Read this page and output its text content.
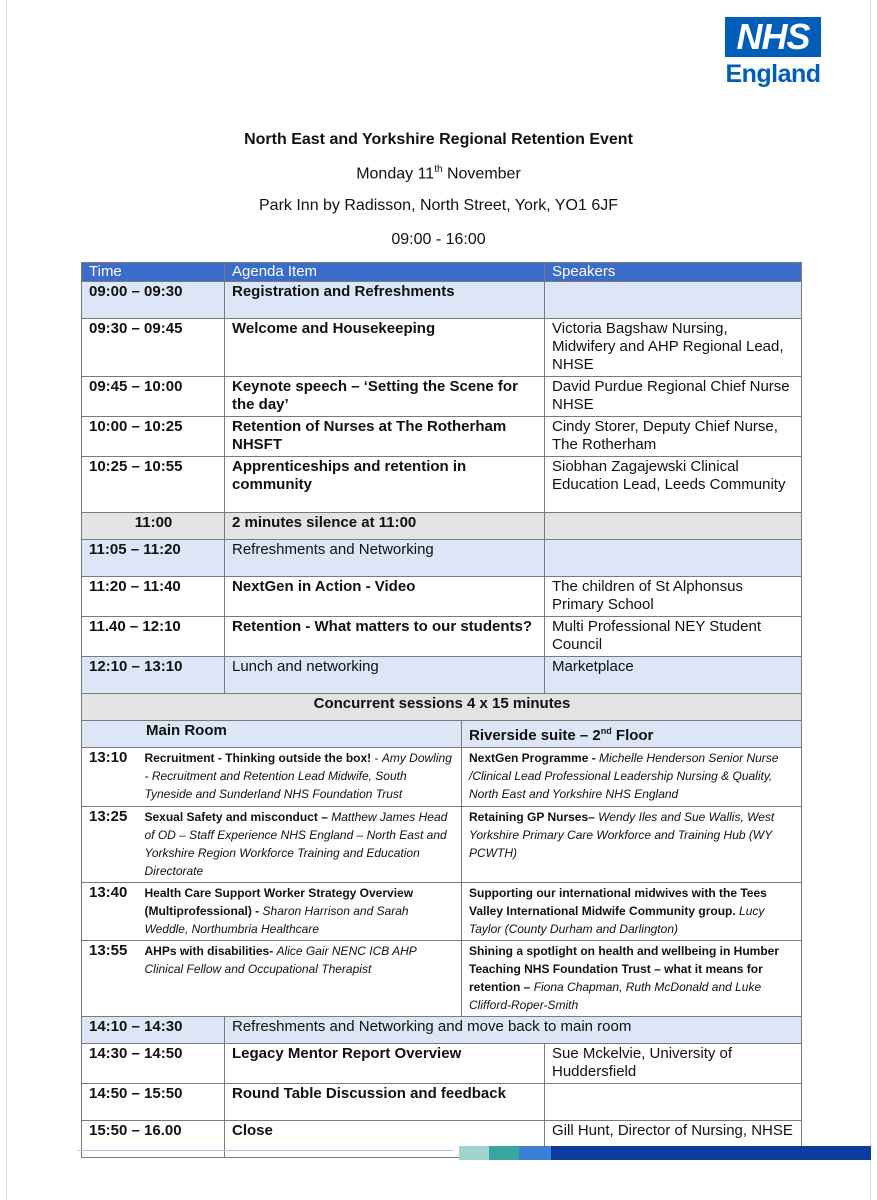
NHS
England
North East and Yorkshire Regional Retention Event
Monday 11th November
Park Inn by Radisson, North Street, York, YO1 6JF
09:00 - 16:00
Time	Agenda Item		Speakers
09:00 – 09:30	Registration and Refreshments		
09:30 – 09:45	Welcome and Housekeeping		Victoria Bagshaw Nursing, Midwifery and AHP Regional Lead, NHSE
09:45 – 10:00	Keynote speech – ‘Setting the Scene for the day’		David Purdue Regional Chief Nurse NHSE
10:00 – 10:25	Retention of Nurses at The Rotherham NHSFT		Cindy Storer, Deputy Chief Nurse, The Rotherham
10:25 – 10:55	Apprenticeships and retention in community		Siobhan Zagajewski Clinical Education Lead, Leeds Community
11:00	2 minutes silence at 11:00		
11:05 – 11:20	Refreshments and Networking		
11:20 – 11:40	NextGen in Action - Video		The children of St Alphonsus Primary School
11.40 – 12:10	Retention - What matters to our students?		Multi Professional NEY Student Council
12:10 – 13:10	Lunch and networking		Marketplace
Concurrent sessions 4 x 15 minutes			
Main Room		Riverside suite – 2nd Floor	
13:10	Recruitment - Thinking outside the box! - Amy Dowling - Recruitment and Retention Lead Midwife, South Tyneside and Sunderland NHS Foundation Trust	NextGen Programme - Michelle Henderson Senior Nurse /Clinical Lead Professional Leadership Nursing & Quality, North East and Yorkshire NHS England	
13:25	Sexual Safety and misconduct – Matthew James Head of OD – Staff Experience NHS England – North East and Yorkshire Region Workforce Training and Education Directorate	Retaining GP Nurses– Wendy Iles and Sue Wallis, West Yorkshire Primary Care Workforce and Training Hub (WY PCWTH)	
13:40	Health Care Support Worker Strategy Overview (Multiprofessional) - Sharon Harrison and Sarah Weddle, Northumbria Healthcare	Supporting our international midwives with the Tees Valley International Midwife Community group. Lucy Taylor (County Durham and Darlington)	
13:55	AHPs with disabilities- Alice Gair NENC ICB AHP Clinical Fellow and Occupational Therapist	Shining a spotlight on health and wellbeing in Humber Teaching NHS Foundation Trust – what it means for retention – Fiona Chapman, Ruth McDonald and Luke Clifford-Roper-Smith	
14:10 – 14:30	Refreshments and Networking and move back to main room		
14:30 – 14:50	Legacy Mentor Report Overview		Sue Mckelvie, University of Huddersfield
14:50 – 15:50	Round Table Discussion and feedback		
15:50 – 16.00	Close		Gill Hunt, Director of Nursing, NHSE
